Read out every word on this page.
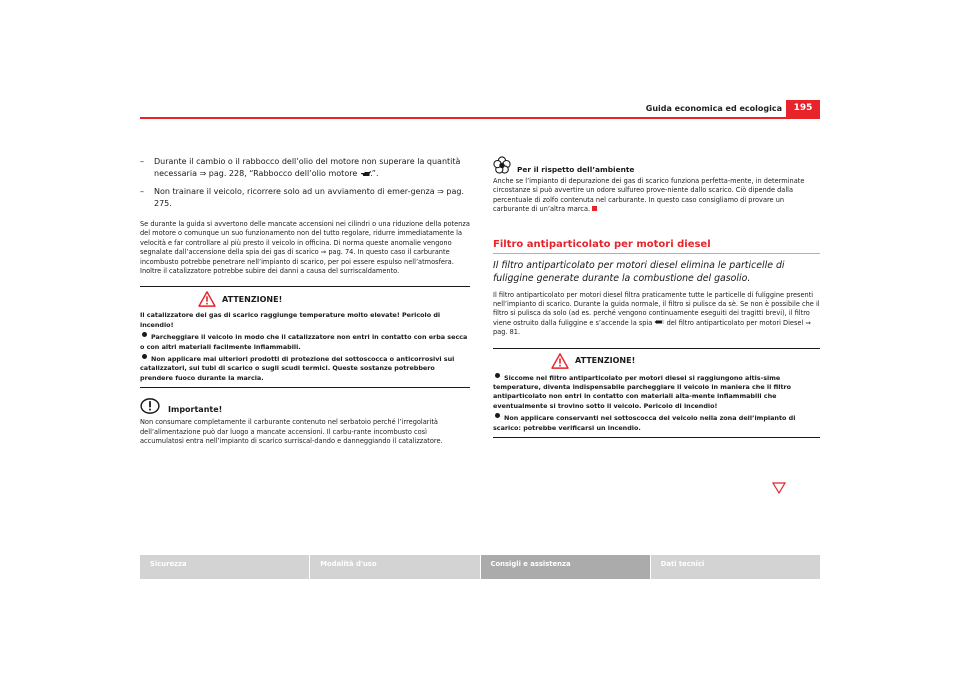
Guida economica ed ecologica	195
– Durante il cambio o il rabbocco dell’olio del motore non superare la quantità necessaria ⇒ pag. 228, “Rabbocco dell’olio motore ”.
– Non trainare il veicolo, ricorrere solo ad un avviamento di emer-genza ⇒ pag. 275.

Se durante la guida si avvertono delle mancate accensioni nei cilindri o una riduzione della potenza del motore o comunque un suo funzionamento non del tutto regolare, ridurre immediatamente la velocità e far controllare al più presto il veicolo in officina. Di norma queste anomalie vengono segnalate dall’accensione della spia dei gas di scarico ⇒ pag. 74. In questo caso il carburante incombusto potrebbe penetrare nell’impianto di scarico, per poi essere espulso nell’atmosfera. Inoltre il catalizzatore potrebbe subire dei danni a causa del surriscaldamento.

ATTENZIONE!
Il catalizzatore dei gas di scarico raggiunge temperature molto elevate! Pericolo di incendio!
Parcheggiare il veicolo in modo che il catalizzatore non entri in contatto con erba secca o con altri materiali facilmente infiammabili.
Non applicare mai ulteriori prodotti di protezione del sottoscocca o anticorrosivi sui catalizzatori, sui tubi di scarico o sugli scudi termici. Queste sostanze potrebbero prendere fuoco durante la marcia.
Importante!

Non consumare completamente il carburante contenuto nel serbatoio perché l’irregolarità dell’alimentazione può dar luogo a mancate accensioni. Il carbu-rante incombusto così accumulatosi entra nell’impianto di scarico surriscal-dando e danneggiando il catalizzatore.

Per il rispetto dell’ambiente

Anche se l’impianto di depurazione dei gas di scarico funziona perfetta-mente, in determinate circostanze si può avvertire un odore sulfureo prove-niente dallo scarico. Ciò dipende dalla percentuale di zolfo contenuta nel carburante. In questo caso consigliamo di provare un carburante di un’altra marca.

Filtro antiparticolato per motori diesel

Il filtro antiparticolato per motori diesel elimina le particelle di fuliggine generate durante la combustione del gasolio.

Il filtro antiparticolato per motori diesel filtra praticamente tutte le particelle di fuliggine presenti nell’impianto di scarico. Durante la guida normale, il filtro si pulisce da sè. Se non è possibile che il filtro si pulisca da solo (ad es. perché vengono continuamente eseguiti dei tragitti brevi), il filtro viene ostruito dalla fuliggine e s’accende la spia del filtro antiparticolato per motori Diesel ⇒ pag. 81.

ATTENZIONE!
Siccome nel filtro antiparticolato per motori diesel si raggiungono altis-sime temperature, diventa indispensabile parcheggiare il veicolo in maniera che il filtro antiparticolato non entri in contatto con materiali alta-mente infiammabili che eventualmente si trovino sotto il veicolo. Pericolo di incendio!
Non applicare conservanti nel sottoscocca del veicolo nella zona dell’impianto di scarico: potrebbe verificarsi un incendio.
Sicurezza	Modalità d'uso	Consigli e assistenza	Dati tecnici
